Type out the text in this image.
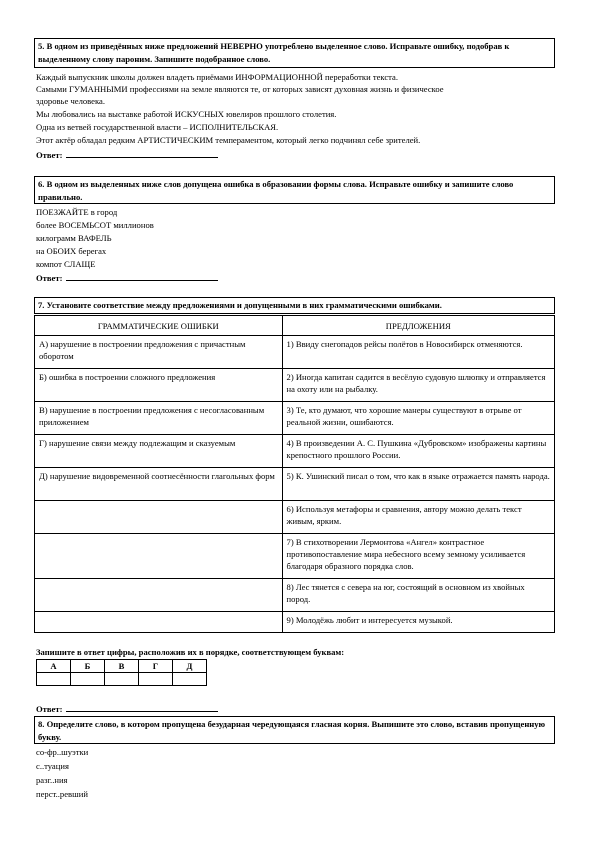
5. В одном из приведённых ниже предложений НЕВЕРНО употреблено выделенное слово. Исправьте ошибку, подобрав к выделенному слову пароним. Запишите подобранное слово.
Каждый выпускник школы должен владеть приёмами ИНФОРМАЦИОННОЙ переработки текста.
Самыми ГУМАННЫМИ профессиями на земле являются те, от которых зависят духовная жизнь и физическое
здоровье человека.
Мы любовались на выставке работой ИСКУСНЫХ ювелиров прошлого столетия.
Одна из ветвей государственной власти – ИСПОЛНИТЕЛЬСКАЯ.
Этот актёр обладал редким АРТИСТИЧЕСКИМ темпераментом, который легко подчинял себе зрителей.
Ответ:
6. В одном из выделенных ниже слов допущена ошибка в образовании формы слова. Исправьте ошибку и запишите слово правильно.
ПОЕЗЖАЙТЕ в город
более ВОСЕМЬСОТ миллионов
килограмм ВАФЕЛЬ
на ОБОИХ берегах
компот СЛАЩЕ
Ответ:
7. Установите соответствие между предложениями и допущенными в них грамматическими ошибками.
ГРАММАТИЧЕСКИЕ ОШИБКИ	ПРЕДЛОЖЕНИЯ
А) нарушение в построении предложения с причастным оборотом	1) Ввиду снегопадов рейсы полётов в Новосибирск отменяются.
Б) ошибка в построении сложного предложения	2) Иногда капитан садится в весёлую судовую шлюпку и отправляется на охоту или на рыбалку.
В) нарушение в построении предложения с несогласованным приложением	3) Те, кто думают, что хорошие манеры существуют в отрыве от реальной жизни, ошибаются.
Г) нарушение связи между подлежащим и сказуемым	4) В произведении А. С. Пушкина «Дубровском» изображены картины крепостного прошлого России.
Д) нарушение видовременной соотнесённости глагольных форм	5) К. Ушинский писал о том, что как в языке отражается память народа.
	6) Используя метафоры и сравнения, автору можно делать текст живым, ярким.
	7) В стихотворении Лермонтова «Ангел» контрастное противопоставление мира небесного всему земному усиливается благодаря образного порядка слов.
	8) Лес тянется с севера на юг, состоящий в основном из хвойных пород.
	9) Молодёжь любит и интересуется музыкой.
Запишите в ответ цифры, расположив их в порядке, соответствующем буквам:
А	Б	В	Г	Д

Ответ:
8. Определите слово, в котором пропущена безударная чередующаяся гласная корня. Выпишите это слово, вставив пропущенную букву.
со-фр..шуэтки
с..туация
разг..ния
перст..ревший
